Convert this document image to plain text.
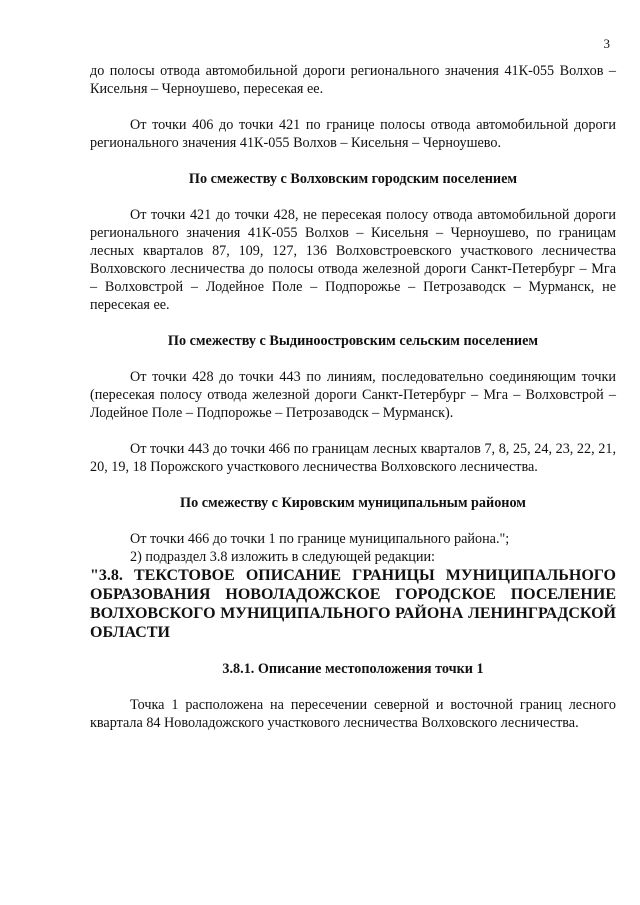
3

до полосы отвода автомобильной дороги регионального значения 41К-055 Волхов – Кисельня – Черноушево, пересекая ее.

От точки 406 до точки 421 по границе полосы отвода автомобильной дороги регионального значения 41К-055 Волхов – Кисельня – Черноушево.

По смежеству с Волховским городским поселением

От точки 421 до точки 428, не пересекая полосу отвода автомобильной дороги регионального значения 41К-055 Волхов – Кисельня – Черноушево, по границам лесных кварталов 87, 109, 127, 136 Волховстроевского участкового лесничества Волховского лесничества до полосы отвода железной дороги Санкт-Петербург – Мга – Волховстрой – Лодейное Поле – Подпорожье – Петрозаводск – Мурманск, не пересекая ее.

По смежеству с Выдиноостровским сельским поселением

От точки 428 до точки 443 по линиям, последовательно соединяющим точки (пересекая полосу отвода железной дороги Санкт-Петербург – Мга – Волховстрой – Лодейное Поле – Подпорожье – Петрозаводск – Мурманск).

От точки 443 до точки 466 по границам лесных кварталов 7, 8, 25, 24, 23, 22, 21, 20, 19, 18 Порожского участкового лесничества Волховского лесничества.

По смежеству с Кировским муниципальным районом

От точки 466 до точки 1 по границе муниципального района.";

2) подраздел 3.8 изложить в следующей редакции:

"3.8. ТЕКСТОВОЕ ОПИСАНИЕ ГРАНИЦЫ МУНИЦИПАЛЬНОГО ОБРАЗОВАНИЯ НОВОЛАДОЖСКОЕ ГОРОДСКОЕ ПОСЕЛЕНИЕ ВОЛХОВСКОГО МУНИЦИПАЛЬНОГО РАЙОНА ЛЕНИНГРАДСКОЙ ОБЛАСТИ

3.8.1. Описание местоположения точки 1

Точка 1 расположена на пересечении северной и восточной границ лесного квартала 84 Новоладожского участкового лесничества Волховского лесничества.
